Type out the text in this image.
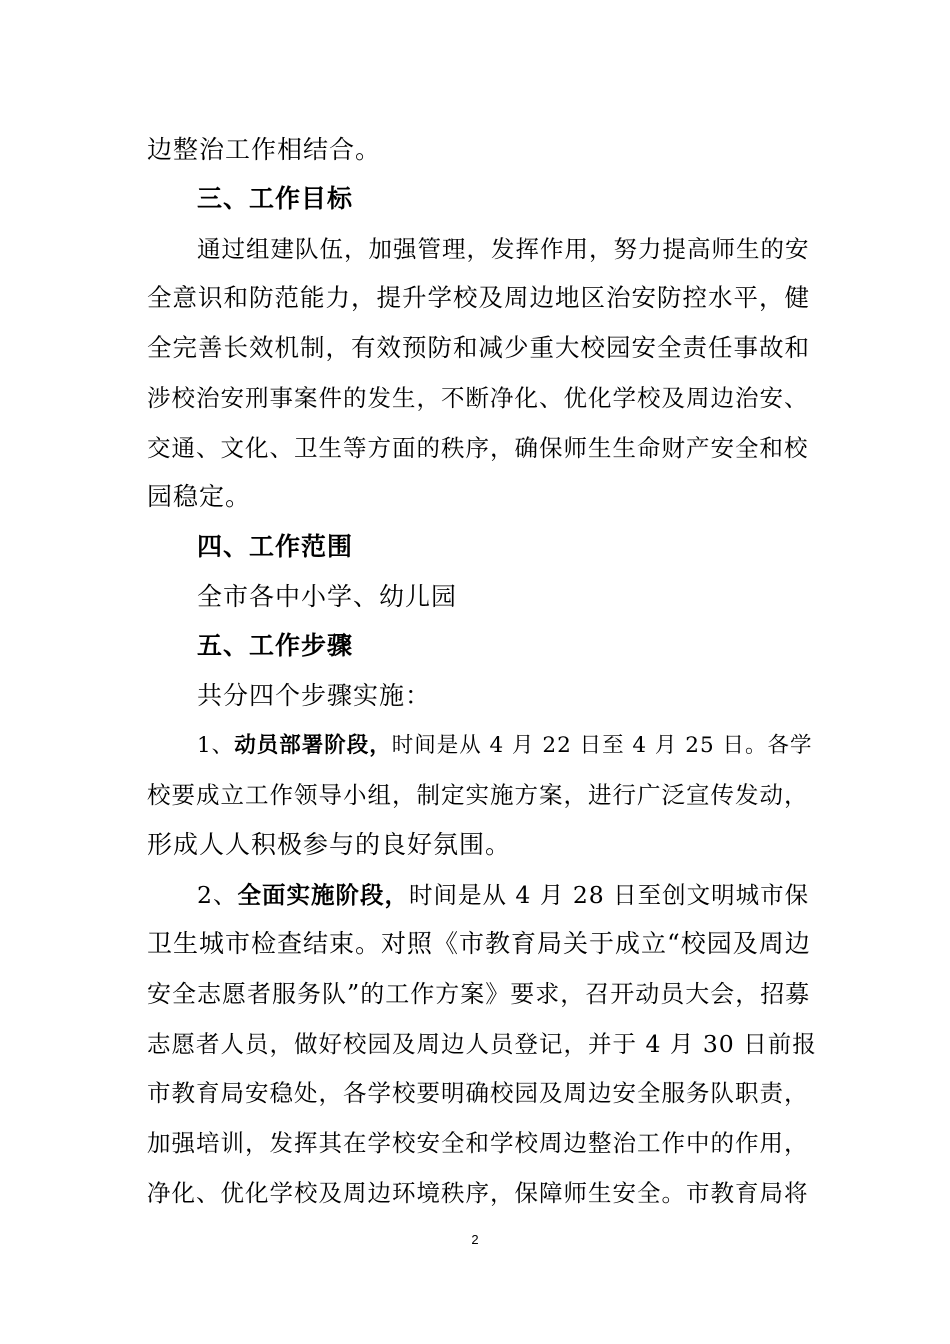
边整治工作相结合。
三、工作目标
通过组建队伍，加强管理，发挥作用，努力提高师生的安
全意识和防范能力，提升学校及周边地区治安防控水平，健
全完善长效机制，有效预防和减少重大校园安全责任事故和
涉校治安刑事案件的发生，不断净化、优化学校及周边治安、
交通、文化、卫生等方面的秩序，确保师生生命财产安全和校
园稳定。
四、工作范围
全市各中小学、幼儿园
五、工作步骤
共分四个步骤实施：
1、动员部署阶段，时间是从 4 月 22 日至 4 月 25 日。各学
校要成立工作领导小组，制定实施方案，进行广泛宣传发动，
形成人人积极参与的良好氛围。
2、全面实施阶段，时间是从 4 月 28 日至创文明城市保
卫生城市检查结束。对照《市教育局关于成立“校园及周边
安全志愿者服务队”的工作方案》要求，召开动员大会，招募
志愿者人员，做好校园及周边人员登记，并于 4 月 30 日前报
市教育局安稳处，各学校要明确校园及周边安全服务队职责，
加强培训，发挥其在学校安全和学校周边整治工作中的作用，
净化、优化学校及周边环境秩序，保障师生安全。市教育局将
2
